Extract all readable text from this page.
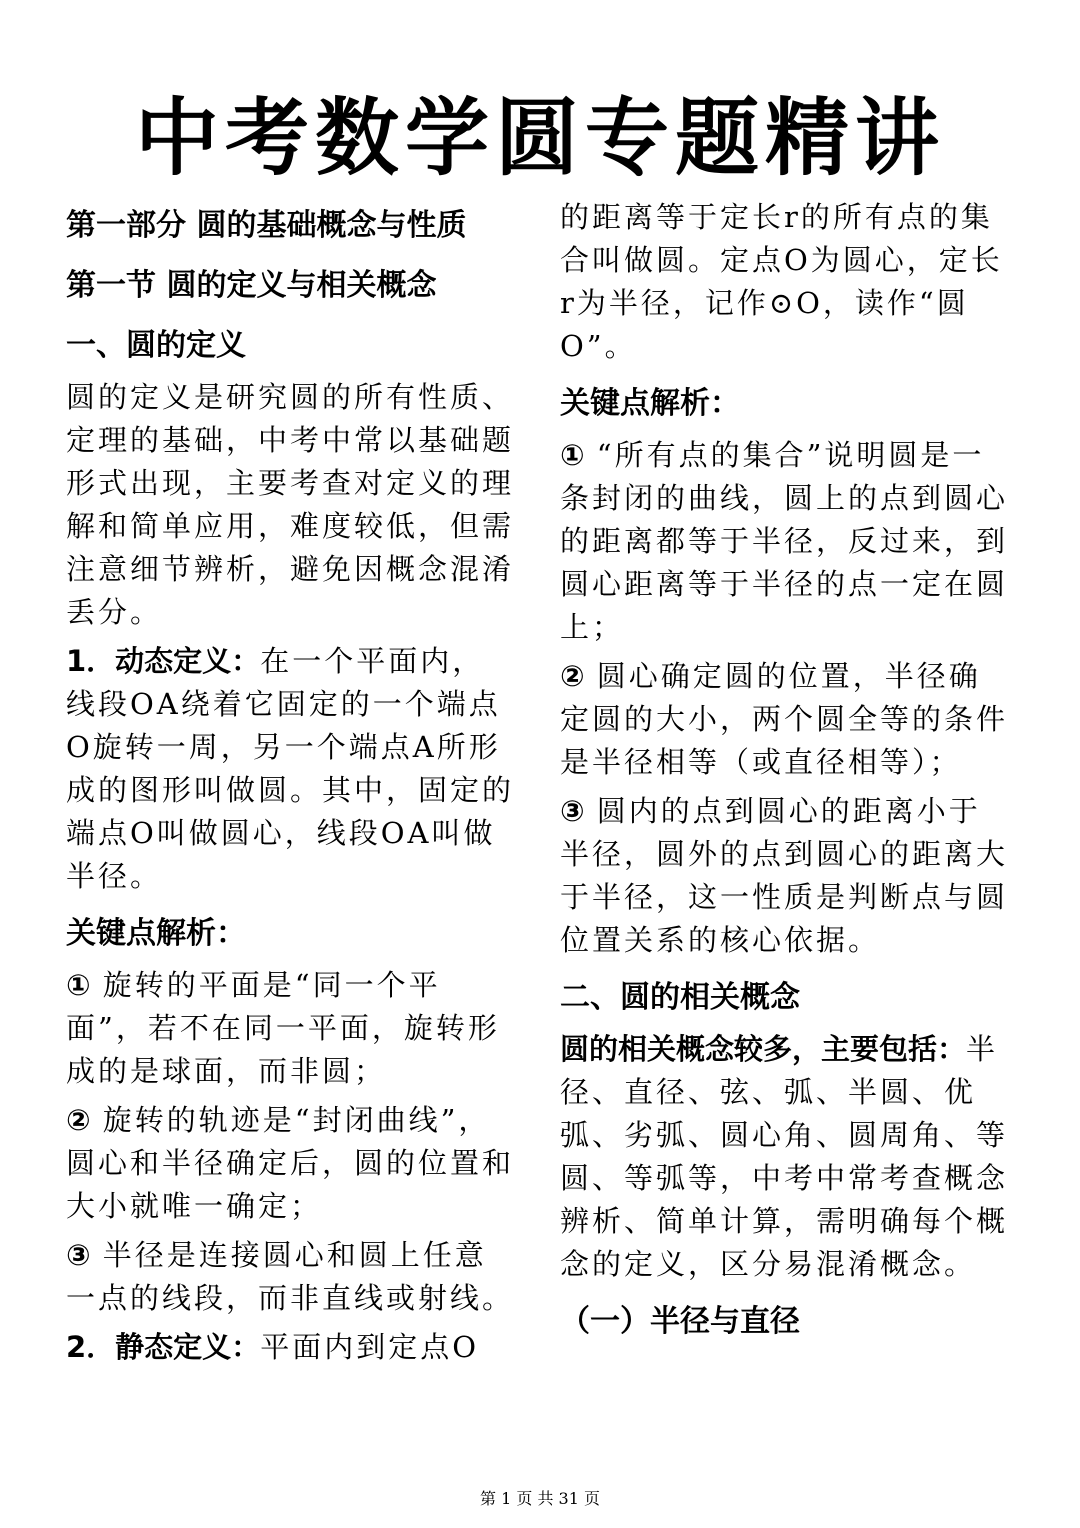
中考数学圆专题精讲
第一部分 圆的基础概念与性质
第一节 圆的定义与相关概念
一、圆的定义

圆的定义是研究圆的所有性质、定理的基础，中考中常以基础题形式出现，主要考查对定义的理解和简单应用，难度较低，但需注意细节辨析，避免因概念混淆丢分。

1．动态定义：在一个平面内，线段OA绕着它固定的一个端点O旋转一周，另一个端点A所形成的图形叫做圆。其中，固定的端点O叫做圆心，线段OA叫做半径。

关键点解析：

① 旋转的平面是“同一个平面”，若不在同一平面，旋转形成的是球面，而非圆；

② 旋转的轨迹是“封闭曲线”，圆心和半径确定后，圆的位置和大小就唯一确定；

③ 半径是连接圆心和圆上任意一点的线段，而非直线或射线。

2．静态定义：平面内到定点O

的距离等于定长r的所有点的集合叫做圆。定点O为圆心，定长r为半径，记作⊙O，读作“圆O”。

关键点解析：

① “所有点的集合”说明圆是一条封闭的曲线，圆上的点到圆心的距离都等于半径，反过来，到圆心距离等于半径的点一定在圆上；

② 圆心确定圆的位置，半径确定圆的大小，两个圆全等的条件是半径相等（或直径相等）；

③ 圆内的点到圆心的距离小于半径，圆外的点到圆心的距离大于半径，这一性质是判断点与圆位置关系的核心依据。

二、圆的相关概念

圆的相关概念较多，主要包括：半径、直径、弦、弧、半圆、优弧、劣弧、圆心角、圆周角、等圆、等弧等，中考中常考查概念辨析、简单计算，需明确每个概念的定义，区分易混淆概念。

（一）半径与直径
第 1 页 共 31 页
